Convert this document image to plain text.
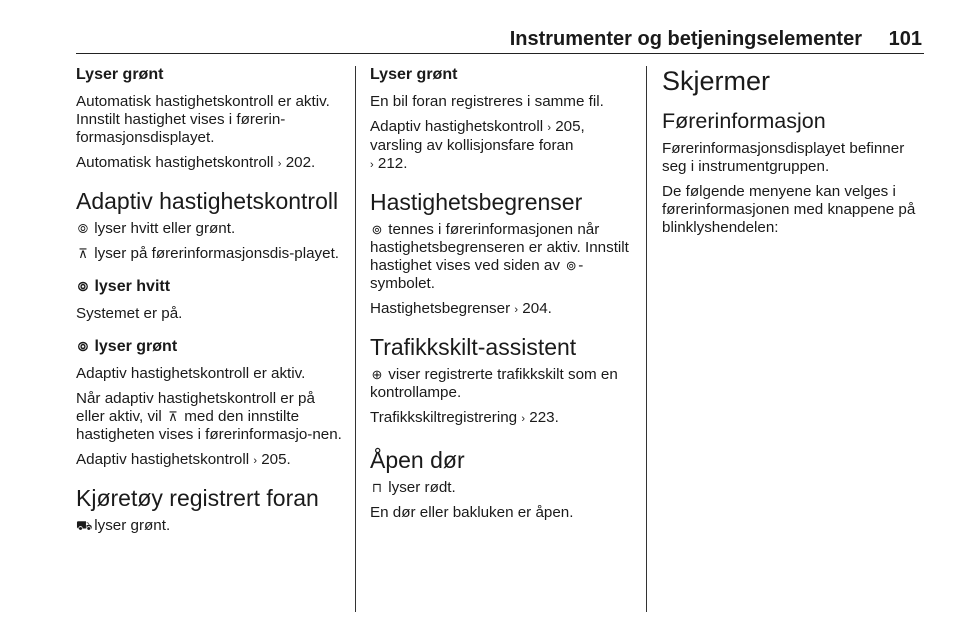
Instrumenter og betjeningselementer 101
Lyser grønt

Automatisk hastighetskontroll er aktiv. Innstilt hastighet vises i førerin-formasjonsdisplayet.

Automatisk hastighetskontroll › 202.

Adaptiv hastighetskontroll

⦾ lyser hvitt eller grønt.

⊼ lyser på førerinformasjonsdis-playet.

⦾ lyser hvitt

Systemet er på.

⦾ lyser grønt

Adaptiv hastighetskontroll er aktiv.

Når adaptiv hastighetskontroll er på eller aktiv, vil ⊼ med den innstilte hastigheten vises i førerinformasjo-nen.

Adaptiv hastighetskontroll › 205.

Kjøretøy registrert foran

⛟ lyser grønt.

Lyser grønt

En bil foran registreres i samme fil.

Adaptiv hastighetskontroll › 205,
varsling av kollisjonsfare foran
› 212.

Hastighetsbegrenser

⊚ tennes i førerinformasjonen når hastighetsbegrenseren er aktiv. Innstilt hastighet vises ved siden av ⊚ -symbolet.

Hastighetsbegrenser › 204.

Trafikkskilt-assistent

⊕ viser registrerte trafikkskilt som en kontrollampe.

Trafikkskiltregistrering › 223.

Åpen dør

⊓ lyser rødt.

En dør eller bakluken er åpen.

Skjermer
Førerinformasjon

Førerinformasjonsdisplayet befinner seg i instrumentgruppen.

De følgende menyene kan velges i førerinformasjonen med knappene på blinklyshendelen:
